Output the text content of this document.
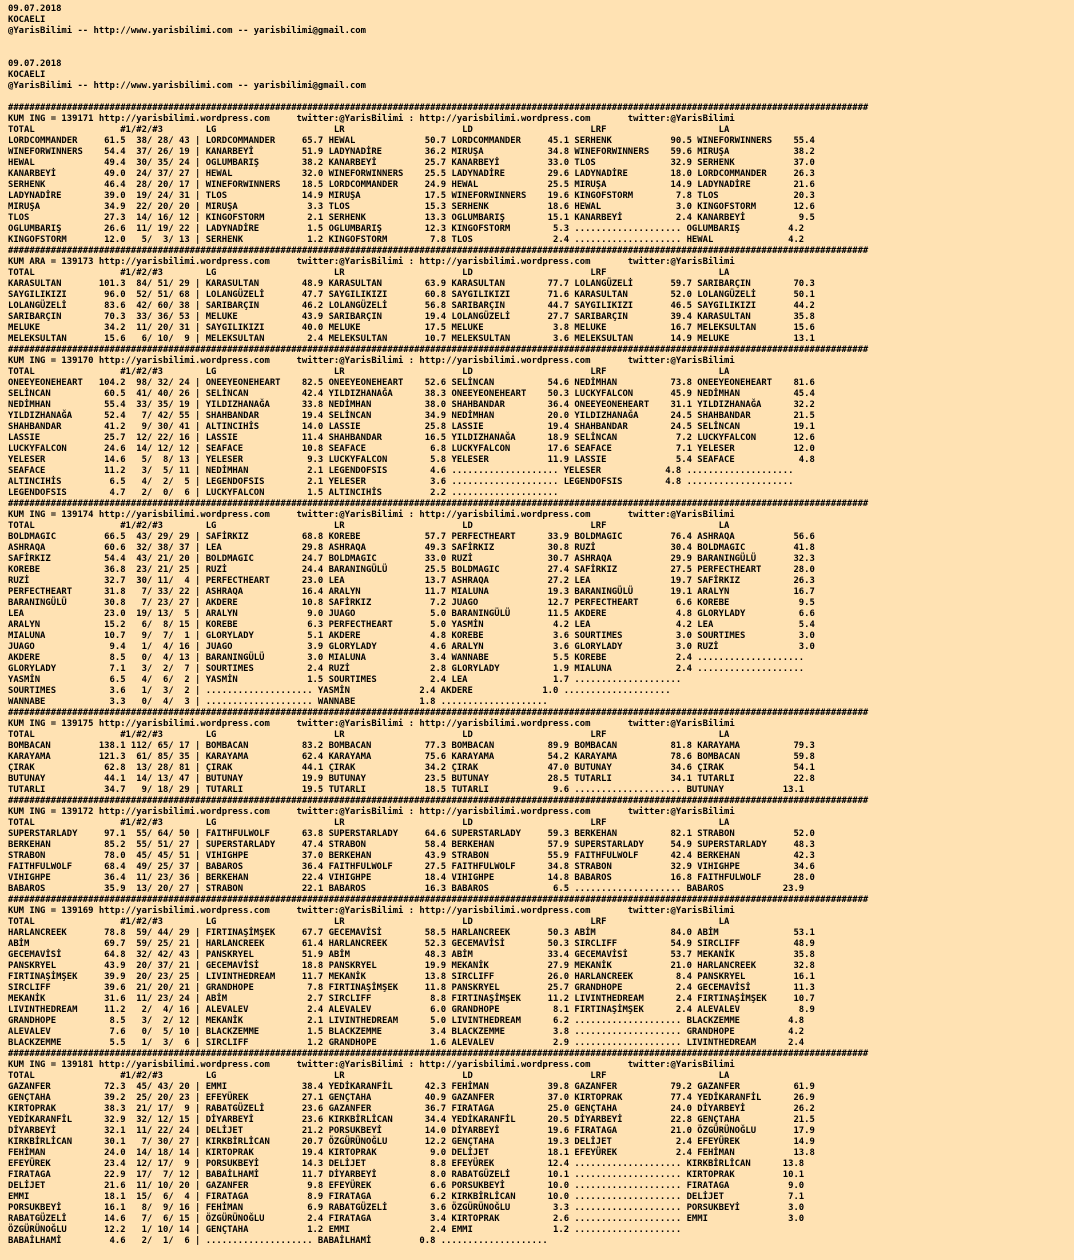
09.07.2018
KOCAELI
@YarisBilimi -- http://www.yarisbilimi.com -- yarisbilimi@gmail.com
09.07.2018
KOCAELI
@YarisBilimi -- http://www.yarisbilimi.com -- yarisbilimi@gmail.com
#################################################################################################################################################################
KUM ING = 139171 http://yarisbilimi.wordpress.com     twitter:@YarisBilimi : http://yarisbilimi.wordpress.com       twitter:@YarisBilimi
TOTAL                #1/#2/#3        LG                      LR                      LD                      LRF                     LA
LORDCOMMANDER     61.5  38/ 28/ 43 | LORDCOMMANDER     65.7 HEWAL             50.7 LORDCOMMANDER     45.1 SERHENK           90.5 WINEFORWINNERS    55.4
WINEFORWINNERS    54.4  37/ 26/ 19 | KANARBEYİ         51.9 LADYNADİRE        36.2 MIRUŞA            34.8 WINEFORWINNERS    59.6 MIRUŞA            38.2
HEWAL             49.4  30/ 35/ 24 | OGLUMBARIŞ        38.2 KANARBEYİ         25.7 KANARBEYİ         33.0 TLOS              32.9 SERHENK           37.0
KANARBEYİ         49.0  24/ 37/ 27 | HEWAL             32.0 WINEFORWINNERS    25.5 LADYNADİRE        29.6 LADYNADİRE        18.0 LORDCOMMANDER     26.3
SERHENK           46.4  28/ 20/ 17 | WINEFORWINNERS    18.5 LORDCOMMANDER     24.9 HEWAL             25.5 MIRUŞA            14.9 LADYNADİRE        21.6
LADYNADİRE        39.0  19/ 24/ 31 | TLOS              14.9 MIRUŞA            17.5 WINEFORWINNERS    19.6 KINGOFSTORM        7.8 TLOS              20.3
MIRUŞA            34.9  22/ 20/ 20 | MIRUŞA             3.3 TLOS              15.3 SERHENK           18.6 HEWAL              3.0 KINGOFSTORM       12.6
TLOS              27.3  14/ 16/ 12 | KINGOFSTORM        2.1 SERHENK           13.3 OGLUMBARIŞ        15.1 KANARBEYİ          2.4 KANARBEYİ          9.5
OGLUMBARIŞ        26.6  11/ 19/ 22 | LADYNADİRE         1.5 OGLUMBARIŞ        12.3 KINGOFSTORM        5.3 .................... OGLUMBARIŞ         4.2
KINGOFSTORM       12.0   5/  3/ 13 | SERHENK            1.2 KINGOFSTORM        7.8 TLOS               2.4 .................... HEWAL              4.2
#################################################################################################################################################################
KUM ARA = 139173 http://yarisbilimi.wordpress.com     twitter:@YarisBilimi : http://yarisbilimi.wordpress.com       twitter:@YarisBilimi
TOTAL                #1/#2/#3        LG                      LR                      LD                      LRF                     LA
KARASULTAN       101.3  84/ 51/ 29 | KARASULTAN        48.9 KARASULTAN        63.9 KARASULTAN        77.7 LOLANGÜZELİ       59.7 SARIBARÇIN        70.3
SAYGILIKIZI       96.0  52/ 51/ 68 | LOLANGÜZELİ       47.7 SAYGILIKIZI       60.8 SAYGILIKIZI       71.6 KARASULTAN        52.0 LOLANGÜZELİ       50.1
LOLANGÜZELİ       83.6  42/ 60/ 38 | SARIBARÇIN        46.2 LOLANGÜZELİ       56.8 SARIBARÇIN        44.7 SAYGILIKIZI       46.5 SAYGILIKIZI       44.2
SARIBARÇIN        70.3  33/ 36/ 53 | MELUKE            43.9 SARIBARÇIN        19.4 LOLANGÜZELİ       27.7 SARIBARÇIN        39.4 KARASULTAN        35.8
MELUKE            34.2  11/ 20/ 31 | SAYGILIKIZI       40.0 MELUKE            17.5 MELUKE             3.8 MELUKE            16.7 MELEKSULTAN       15.6
MELEKSULTAN       15.6   6/ 10/  9 | MELEKSULTAN        2.4 MELEKSULTAN       10.7 MELEKSULTAN        3.6 MELEKSULTAN       14.9 MELUKE            13.1
#################################################################################################################################################################
KUM ING = 139170 http://yarisbilimi.wordpress.com     twitter:@YarisBilimi : http://yarisbilimi.wordpress.com       twitter:@YarisBilimi
TOTAL                #1/#2/#3        LG                      LR                      LD                      LRF                     LA
ONEEYEONEHEART   104.2  98/ 32/ 24 | ONEEYEONEHEART    82.5 ONEEYEONEHEART    52.6 SELİNCAN          54.6 NEDİMHAN          73.8 ONEEYEONEHEART    81.6
SELİNCAN          60.5  41/ 40/ 26 | SELİNCAN          42.4 YILDIZHANAĞA      38.3 ONEEYEONEHEART    50.3 LUCKYFALCON       45.9 NEDİMHAN          45.4
NEDİMHAN          55.4  33/ 35/ 19 | YILDIZHANAĞA      33.8 NEDİMHAN          38.0 SHAHBANDAR        36.4 ONEEYEONEHEART    31.1 YILDIZHANAĞA      32.2
YILDIZHANAĞA      52.4   7/ 42/ 55 | SHAHBANDAR        19.4 SELİNCAN          34.9 NEDİMHAN          20.0 YILDIZHANAĞA      24.5 SHAHBANDAR        21.5
SHAHBANDAR        41.2   9/ 30/ 41 | ALTINCIHİS        14.0 LASSIE            25.8 LASSIE            19.4 SHAHBANDAR        24.5 SELİNCAN          19.1
LASSIE            25.7  12/ 22/ 16 | LASSIE            11.4 SHAHBANDAR        16.5 YILDIZHANAĞA      18.9 SELİNCAN           7.2 LUCKYFALCON       12.6
LUCKYFALCON       24.6  14/ 12/ 12 | SEAFACE           10.8 SEAFACE            6.8 LUCKYFALCON       17.6 SEAFACE            7.1 YELESER           12.0
YELESER           14.6   5/  8/ 13 | YELESER            9.3 LUCKYFALCON        5.8 YELESER           11.9 LASSIE             5.4 SEAFACE            4.8
SEAFACE           11.2   3/  5/ 11 | NEDİMHAN           2.1 LEGENDOFSIS        4.6 .................... YELESER            4.8 ....................
ALTINCIHİS         6.5   4/  2/  5 | LEGENDOFSIS        2.1 YELESER            3.6 .................... LEGENDOFSIS        4.8 ....................
LEGENDOFSIS        4.7   2/  0/  6 | LUCKYFALCON        1.5 ALTINCIHİS         2.2 ....................
#################################################################################################################################################################
KUM ING = 139174 http://yarisbilimi.wordpress.com     twitter:@YarisBilimi : http://yarisbilimi.wordpress.com       twitter:@YarisBilimi
TOTAL                #1/#2/#3        LG                      LR                      LD                      LRF                     LA
BOLDMAGIC         66.5  43/ 29/ 29 | SAFİRKIZ          68.8 KOREBE            57.7 PERFECTHEART      33.9 BOLDMAGIC         76.4 ASHRAQA           56.6
ASHRAQA           60.6  32/ 38/ 37 | LEA               29.8 ASHRAQA           49.3 SAFİRKIZ          30.8 RUZİ              30.4 BOLDMAGIC         41.8
SAFİRKIZ          54.4  43/ 21/ 20 | BOLDMAGIC         24.7 BOLDMAGIC         33.0 RUZİ              30.7 ASHRAQA           29.9 BARANINGÜLÜ       32.3
KOREBE            36.8  23/ 21/ 25 | RUZİ              24.4 BARANINGÜLÜ       25.5 BOLDMAGIC         27.4 SAFİRKIZ          27.5 PERFECTHEART      28.0
RUZİ              32.7  30/ 11/  4 | PERFECTHEART      23.0 LEA               13.7 ASHRAQA           27.2 LEA               19.7 SAFİRKIZ          26.3
PERFECTHEART      31.8   7/ 33/ 22 | ASHRAQA           16.4 ARALYN            11.7 MIALUNA           19.3 BARANINGÜLÜ       19.1 ARALYN            16.7
BARANINGÜLÜ       30.8   7/ 23/ 27 | AKDERE            10.8 SAFİRKIZ           7.2 JUAGO             12.7 PERFECTHEART       6.6 KOREBE             9.5
LEA               23.0  19/ 13/  5 | ARALYN             9.0 JUAGO              5.0 BARANINGÜLÜ       11.5 AKDERE             4.8 GLORYLADY          6.6
ARALYN            15.2   6/  8/ 15 | KOREBE             6.3 PERFECTHEART       5.0 YASMİN             4.2 LEA                4.2 LEA                5.4
MIALUNA           10.7   9/  7/  1 | GLORYLADY          5.1 AKDERE             4.8 KOREBE             3.6 SOURTIMES          3.0 SOURTIMES          3.0
JUAGO              9.4   1/  4/ 16 | JUAGO              3.9 GLORYLADY          4.6 ARALYN             3.6 GLORYLADY          3.0 RUZİ               3.0
AKDERE             8.5   0/  4/ 13 | BARANINGÜLÜ        3.0 MIALUNA            3.4 WANNABE            5.5 KOREBE             2.4 ....................
GLORYLADY          7.1   3/  2/  7 | SOURTIMES          2.4 RUZİ               2.8 GLORYLADY          1.9 MIALUNA            2.4 ....................
YASMİN             6.5   4/  6/  2 | YASMİN             1.5 SOURTIMES          2.4 LEA                1.7 ....................
SOURTIMES          3.6   1/  3/  2 | .................... YASMİN             2.4 AKDERE             1.0 ....................
WANNABE            3.3   0/  4/  3 | .................... WANNABE            1.8 ....................
#################################################################################################################################################################
KUM ING = 139175 http://yarisbilimi.wordpress.com     twitter:@YarisBilimi : http://yarisbilimi.wordpress.com       twitter:@YarisBilimi
TOTAL                #1/#2/#3        LG                      LR                      LD                      LRF                     LA
BOMBACAN         138.1 112/ 65/ 17 | BOMBACAN          83.2 BOMBACAN          77.3 BOMBACAN          89.9 BOMBACAN          81.8 KARAYAMA          79.3
KARAYAMA         121.3  61/ 85/ 35 | KARAYAMA          62.4 KARAYAMA          75.6 KARAYAMA          54.2 KARAYAMA          78.6 BOMBACAN          59.8
ÇIRAK             62.8  13/ 28/ 81 | ÇIRAK             44.1 ÇIRAK             34.2 ÇIRAK             47.0 BUTUNAY           34.6 ÇIRAK             54.1
BUTUNAY           44.1  14/ 13/ 47 | BUTUNAY           19.9 BUTUNAY           23.5 BUTUNAY           28.5 TUTARLI           34.1 TUTARLI           22.8
TUTARLI           34.7   9/ 18/ 29 | TUTARLI           19.5 TUTARLI           18.5 TUTARLI            9.6 .................... BUTUNAY           13.1
#################################################################################################################################################################
KUM ING = 139172 http://yarisbilimi.wordpress.com     twitter:@YarisBilimi : http://yarisbilimi.wordpress.com       twitter:@YarisBilimi
TOTAL                #1/#2/#3        LG                      LR                      LD                      LRF                     LA
SUPERSTARLADY     97.1  55/ 64/ 50 | FAITHFULWOLF      63.8 SUPERSTARLADY     64.6 SUPERSTARLADY     59.3 BERKEHAN          82.1 STRABON           52.0
BERKEHAN          85.2  55/ 51/ 27 | SUPERSTARLADY     47.4 STRABON           58.4 BERKEHAN          57.9 SUPERSTARLADY     54.9 SUPERSTARLADY     48.3
STRABON           78.0  45/ 45/ 51 | VIHIGHPE          37.0 BERKEHAN          43.9 STRABON           55.9 FAITHFULWOLF      42.4 BERKEHAN          42.3
FAITHFULWOLF      68.4  49/ 25/ 37 | BABAROS           36.4 FAITHFULWOLF      27.5 FAITHFULWOLF      34.8 STRABON           32.9 VIHIGHPE          34.6
VIHIGHPE          36.4  11/ 23/ 36 | BERKEHAN          22.4 VIHIGHPE          18.4 VIHIGHPE          14.8 BABAROS           16.8 FAITHFULWOLF      28.0
BABAROS           35.9  13/ 20/ 27 | STRABON           22.1 BABAROS           16.3 BABAROS            6.5 .................... BABAROS           23.9
#################################################################################################################################################################
KUM ING = 139169 http://yarisbilimi.wordpress.com     twitter:@YarisBilimi : http://yarisbilimi.wordpress.com       twitter:@YarisBilimi
TOTAL                #1/#2/#3        LG                      LR                      LD                      LRF                     LA
HARLANCREEK       78.8  59/ 44/ 29 | FIRTINAŞİMŞEK     67.7 GECEMAVİSİ        58.5 HARLANCREEK       50.3 ABİM              84.0 ABİM              53.1
ABİM              69.7  59/ 25/ 21 | HARLANCREEK       61.4 HARLANCREEK       52.3 GECEMAVİSİ        50.3 SIRCLIFF          54.9 SIRCLIFF          48.9
GECEMAVİSİ        64.8  32/ 42/ 43 | PANSKRYEL         51.9 ABİM              48.3 ABİM              33.4 GECEMAVİSİ        53.7 MEKANİK           35.8
PANSKRYEL         43.9  20/ 37/ 21 | GECEMAVİSİ        18.8 PANSKRYEL         19.9 MEKANİK           27.9 MEKANİK           21.0 HARLANCREEK       32.8
FIRTINAŞİMŞEK     39.9  20/ 23/ 25 | LIVINTHEDREAM     11.7 MEKANİK           13.8 SIRCLIFF          26.0 HARLANCREEK        8.4 PANSKRYEL         16.1
SIRCLIFF          39.6  21/ 20/ 21 | GRANDHOPE          7.8 FIRTINAŞİMŞEK     11.8 PANSKRYEL         25.7 GRANDHOPE          2.4 GECEMAVİSİ        11.3
MEKANİK           31.6  11/ 23/ 24 | ABİM               2.7 SIRCLIFF           8.8 FIRTINAŞİMŞEK     11.2 LIVINTHEDREAM      2.4 FIRTINAŞİMŞEK     10.7
LIVINTHEDREAM     11.2   2/  4/ 16 | ALEVALEV           2.4 ALEVALEV           6.0 GRANDHOPE          8.1 FIRTINAŞİMŞEK      2.4 ALEVALEV           8.9
GRANDHOPE          8.5   3/  2/ 12 | MEKANİK            2.1 LIVINTHEDREAM      5.0 LIVINTHEDREAM      6.2 .................... BLACKZEMME         4.8
ALEVALEV           7.6   0/  5/ 10 | BLACKZEMME         1.5 BLACKZEMME         3.4 BLACKZEMME         3.8 .................... GRANDHOPE          4.2
BLACKZEMME         5.5   1/  3/  6 | SIRCLIFF           1.2 GRANDHOPE          1.6 ALEVALEV           2.9 .................... LIVINTHEDREAM      2.4
#################################################################################################################################################################
KUM ING = 139181 http://yarisbilimi.wordpress.com     twitter:@YarisBilimi : http://yarisbilimi.wordpress.com       twitter:@YarisBilimi
TOTAL                #1/#2/#3        LG                      LR                      LD                      LRF                     LA
GAZANFER          72.3  45/ 43/ 20 | EMMI              38.4 YEDİKARANFİL      42.3 FEHİMAN           39.8 GAZANFER          79.2 GAZANFER          61.9
GENÇTAHA          39.2  25/ 20/ 23 | EFEYÜREK          27.1 GENÇTAHA          40.9 GAZANFER          37.0 KIRTOPRAK         77.4 YEDİKARANFİL      26.9
KIRTOPRAK         38.3  21/ 17/  9 | RABATGÜZELİ       23.6 GAZANFER          36.7 FIRATAGA          25.0 GENÇTAHA          24.0 DİYARBEYİ         26.2
YEDİKARANFİL      32.9  32/ 12/ 15 | DİYARBEYİ         23.6 KIRKBİRLİCAN      34.4 YEDİKARANFİL      20.5 DİYARBEYİ         22.8 GENÇTAHA          21.5
DİYARBEYİ         32.1  11/ 22/ 24 | DELİJET           21.2 PORSUKBEYİ        14.0 DİYARBEYİ         19.6 FIRATAGA          21.0 ÖZGÜRÜNOĞLU       17.9
KIRKBİRLİCAN      30.1   7/ 30/ 27 | KIRKBİRLİCAN      20.7 ÖZGÜRÜNOĞLU       12.2 GENÇTAHA          19.3 DELİJET            2.4 EFEYÜREK          14.9
FEHİMAN           24.0  14/ 18/ 14 | KIRTOPRAK         19.4 KIRTOPRAK          9.0 DELİJET           18.1 EFEYÜREK           2.4 FEHİMAN           13.8
EFEYÜREK          23.4  12/ 17/  9 | PORSUKBEYİ        14.3 DELİJET            8.8 EFEYÜREK          12.4 .................... KIRKBİRLİCAN      13.8
FIRATAGA          22.9  17/  7/ 12 | BABAİLHAMİ        11.7 DİYARBEYİ          8.0 RABATGÜZELİ       10.1 .................... KIRTOPRAK         10.1
DELİJET           21.6  11/ 10/ 20 | GAZANFER           9.8 EFEYÜREK           6.6 PORSUKBEYİ        10.0 .................... FIRATAGA           9.0
EMMI              18.1  15/  6/  4 | FIRATAGA           8.9 FIRATAGA           6.2 KIRKBİRLİCAN      10.0 .................... DELİJET            7.1
PORSUKBEYİ        16.1   8/  9/ 16 | FEHİMAN            6.9 RABATGÜZELİ        3.6 ÖZGÜRÜNOĞLU        3.3 .................... PORSUKBEYİ         3.0
RABATGÜZELİ       14.6   7/  6/ 15 | ÖZGÜRÜNOĞLU        2.4 FIRATAGA           3.4 KIRTOPRAK          2.6 .................... EMMI               3.0
ÖZGÜRÜNOĞLU       12.2   1/ 10/ 14 | GENÇTAHA           1.2 EMMI               2.4 EMMI               1.2 ....................
BABAİLHAMİ         4.6   2/  1/  6 | .................... BABAİLHAMİ         0.8 ....................
